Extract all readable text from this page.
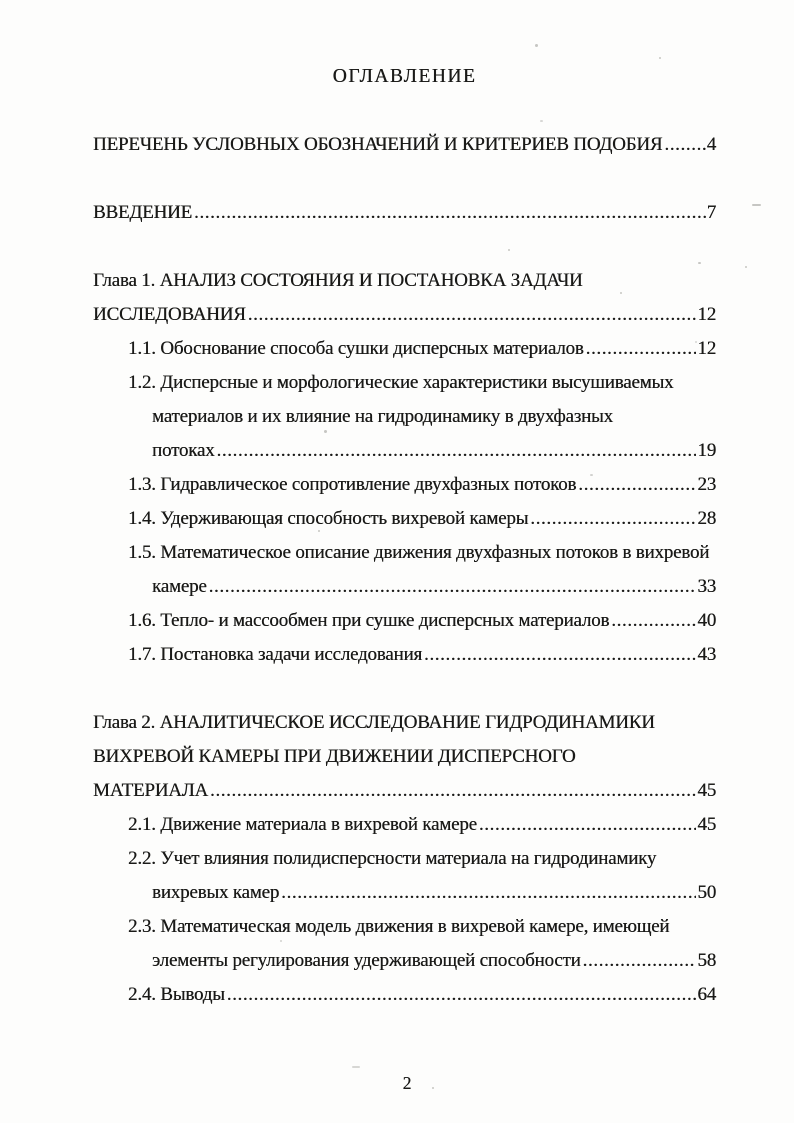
ОГЛАВЛЕНИЕ
ПЕРЕЧЕНЬ УСЛОВНЫХ ОБОЗНАЧЕНИЙ И КРИТЕРИЕВ ПОДОБИЯ ..... 4
ВВЕДЕНИЕ .....	7
Глава 1. АНАЛИЗ СОСТОЯНИЯ И ПОСТАНОВКА ЗАДАЧИ
ИССЛЕДОВАНИЯ .....	12
1.1. Обоснование способа сушки дисперсных материалов .....	12
1.2. Дисперсные и морфологические характеристики высушиваемых
материалов и их влияние на гидродинамику в двухфазных
потоках .....	19
1.3. Гидравлическое сопротивление двухфазных потоков .....	23
1.4. Удерживающая способность вихревой камеры .....	28
1.5. Математическое описание движения двухфазных потоков в вихревой
камере .....	33
1.6. Тепло- и массообмен при сушке дисперсных материалов .....	40
1.7. Постановка задачи исследования .....	43
Глава 2. АНАЛИТИЧЕСКОЕ ИССЛЕДОВАНИЕ ГИДРОДИНАМИКИ
ВИХРЕВОЙ КАМЕРЫ ПРИ ДВИЖЕНИИ ДИСПЕРСНОГО
МАТЕРИАЛА .....	45
2.1. Движение материала в вихревой камере .....	45
2.2. Учет влияния полидисперсности материала на гидродинамику
вихревых камер .....	50
2.3. Математическая модель движения в вихревой камере, имеющей
элементы регулирования удерживающей способности .....	58
2.4. Выводы .....	64
2
